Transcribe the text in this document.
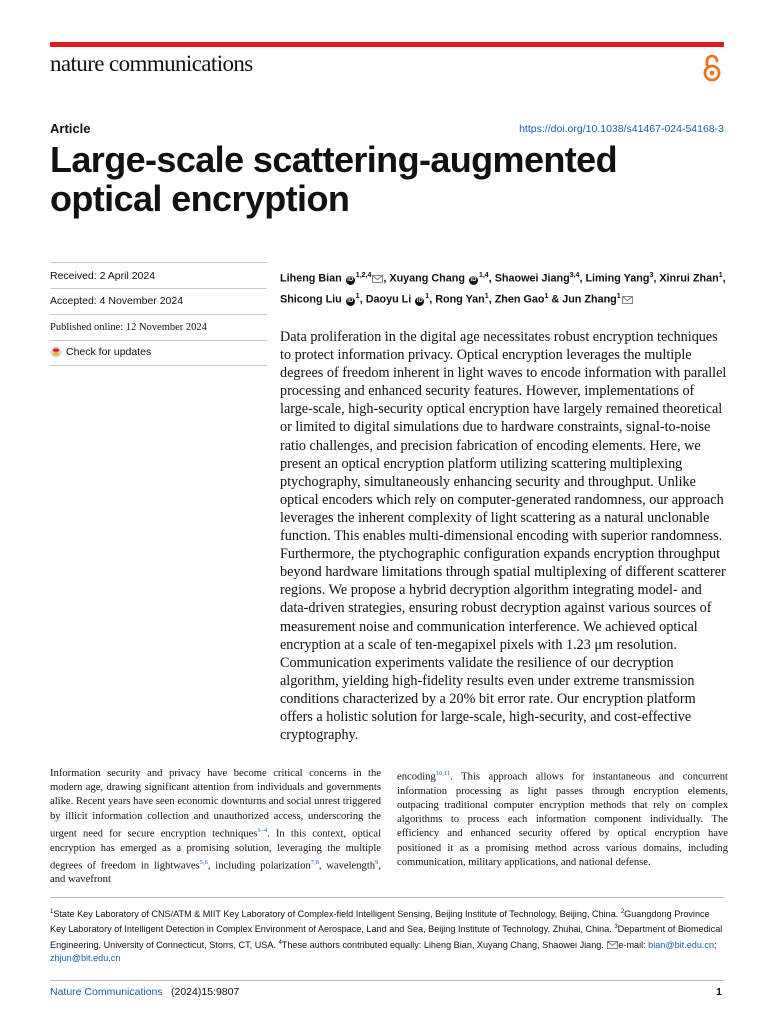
nature communications
Article	https://doi.org/10.1038/s41467-024-54168-3
Large-scale scattering-augmented optical encryption
Received: 2 April 2024
Accepted: 4 November 2024
Published online: 12 November 2024
Check for updates
Liheng Bian iD$^{1,2,4}$ , Xuyang Chang iD$^{1,4}$, Shaowei Jiang$^{3,4}$, Liming Yang$^3$, Xinrui Zhan$^1$, Shicong Liu $iD^1$, Daoyu Li $iD^1$, Rong Yan$^1$, Zhen Gao$^1$ & Jun Zhang$^1$

Data proliferation in the digital age necessitates robust encryption techniques to protect information privacy. Optical encryption leverages the multiple degrees of freedom inherent in light waves to encode information with parallel processing and enhanced security features. However, implementations of large-scale, high-security optical encryption have largely remained theoretical or limited to digital simulations due to hardware constraints, signal-to-noise ratio challenges, and precision fabrication of encoding elements. Here, we present an optical encryption platform utilizing scattering multiplexing ptychography, simultaneously enhancing security and throughput. Unlike optical encoders which rely on computer-generated randomness, our approach leverages the inherent complexity of light scattering as a natural unclonable function. This enables multi-dimensional encoding with superior randomness. Furthermore, the ptychographic configuration expands encryption throughput beyond hardware limitations through spatial multiplexing of different scatterer regions. We propose a hybrid decryption algorithm integrating model- and data-driven strategies, ensuring robust decryption against various sources of measurement noise and communication interference. We achieved optical encryption at a scale of ten-megapixel pixels with 1.23 μm resolution. Communication experiments validate the resilience of our decryption algorithm, yielding high-fidelity results even under extreme transmission conditions characterized by a 20% bit error rate. Our encryption platform offers a holistic solution for large-scale, high-security, and cost-effective cryptography.

Information security and privacy have become critical concerns in the modern age, drawing significant attention from individuals and governments alike. Recent years have seen economic downturns and social unrest triggered by illicit information collection and unauthorized access, underscoring the urgent need for secure encryption techniques$^{1-4}$. In this context, optical encryption has emerged as a promising solution, leveraging the multiple degrees of freedom in lightwaves$^{5,6}$, including polarization$^{7,8}$, wavelength$^9$, and wavefront

encoding$^{10,11}$. This approach allows for instantaneous and concurrent information processing as light passes through encryption elements, outpacing traditional computer encryption methods that rely on complex algorithms to process each information component individually. The efficiency and enhanced security offered by optical encryption have positioned it as a promising method across various domains, including communication, military applications, and national defense.

$^1$State Key Laboratory of CNS/ATM & MIIT Key Laboratory of Complex-field Intelligent Sensing, Beijing Institute of Technology, Beijing, China. $^2$Guangdong Province Key Laboratory of Intelligent Detection in Complex Environment of Aerospace, Land and Sea, Beijing Institute of Technology, Zhuhai, China. $^3$Department of Biomedical Engineering, University of Connecticut, Storrs, CT, USA. $^4$These authors contributed equally: Liheng Bian, Xuyang Chang, Shaowei Jiang. e-mail: bian@bit.edu.cn; zhjun@bit.edu.cn

Nature Communications (2024)15:9807	1
